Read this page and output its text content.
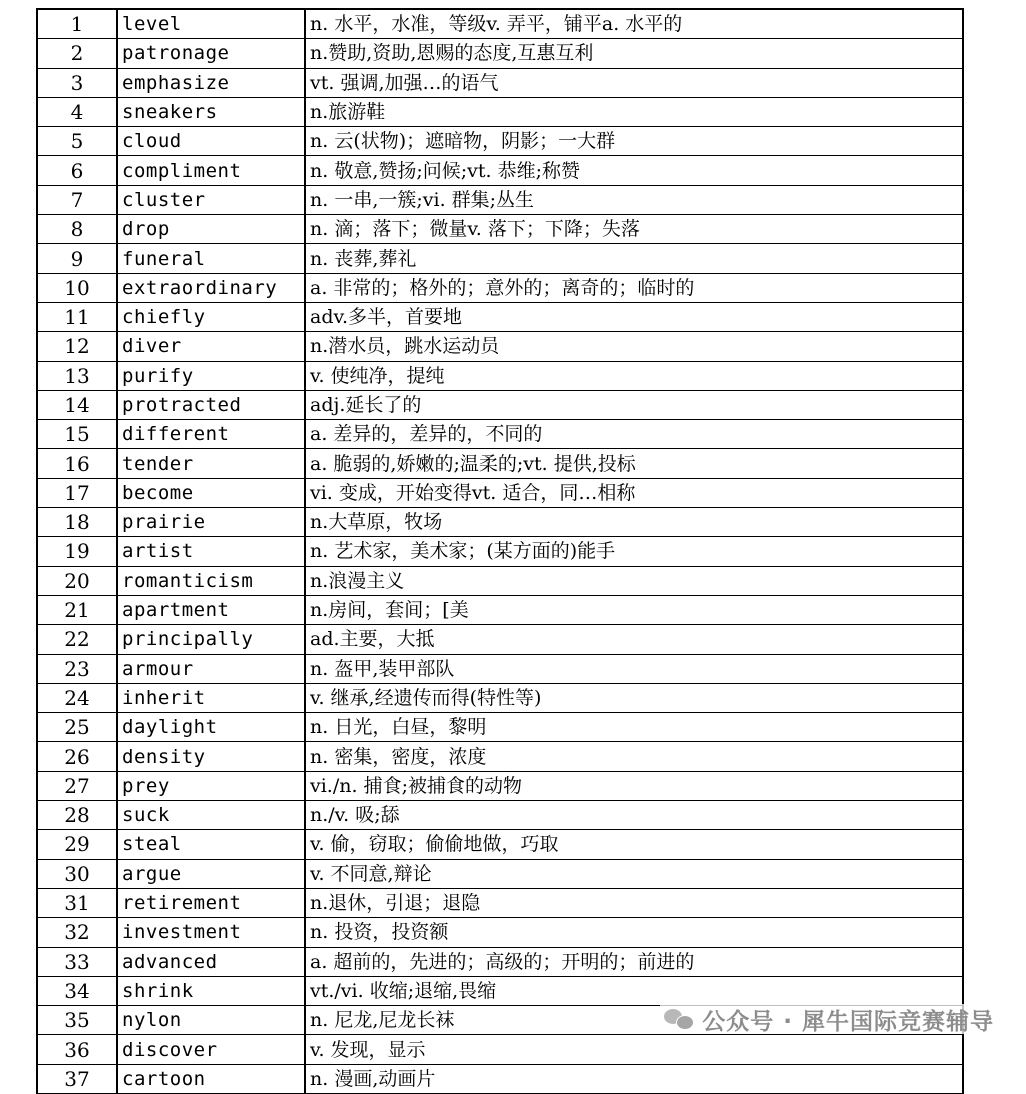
1	level	n. 水平，水准，等级v. 弄平，铺平a. 水平的
2	patronage	n.赞助,资助,恩赐的态度,互惠互利
3	emphasize	vt. 强调,加强…的语气
4	sneakers	n.旅游鞋
5	cloud	n. 云(状物)；遮暗物，阴影；一大群
6	compliment	n. 敬意,赞扬;问候;vt. 恭维;称赞
7	cluster	n. 一串,一簇;vi. 群集;丛生
8	drop	n. 滴；落下；微量v. 落下；下降；失落
9	funeral	n. 丧葬,葬礼
10	extraordinary	a. 非常的；格外的；意外的；离奇的；临时的
11	chiefly	adv.多半，首要地
12	diver	n.潜水员，跳水运动员
13	purify	v. 使纯净，提纯
14	protracted	adj.延长了的
15	different	a. 差异的，差异的，不同的
16	tender	a. 脆弱的,娇嫩的;温柔的;vt. 提供,投标
17	become	vi. 变成，开始变得vt. 适合，同…相称
18	prairie	n.大草原，牧场
19	artist	n. 艺术家，美术家；(某方面的)能手
20	romanticism	n.浪漫主义
21	apartment	n.房间，套间；[美
22	principally	ad.主要，大抵
23	armour	n. 盔甲,装甲部队
24	inherit	v. 继承,经遗传而得(特性等)
25	daylight	n. 日光，白昼，黎明
26	density	n. 密集，密度，浓度
27	prey	vi./n. 捕食;被捕食的动物
28	suck	n./v. 吸;舔
29	steal	v. 偷，窃取；偷偷地做，巧取
30	argue	v. 不同意,辩论
31	retirement	n.退休，引退；退隐
32	investment	n. 投资，投资额
33	advanced	a. 超前的，先进的；高级的；开明的；前进的
34	shrink	vt./vi. 收缩;退缩,畏缩
35	nylon	n. 尼龙,尼龙长袜
36	discover	v. 发现，显示
37	cartoon	n. 漫画,动画片
公众号 · 犀牛国际竞赛辅导
